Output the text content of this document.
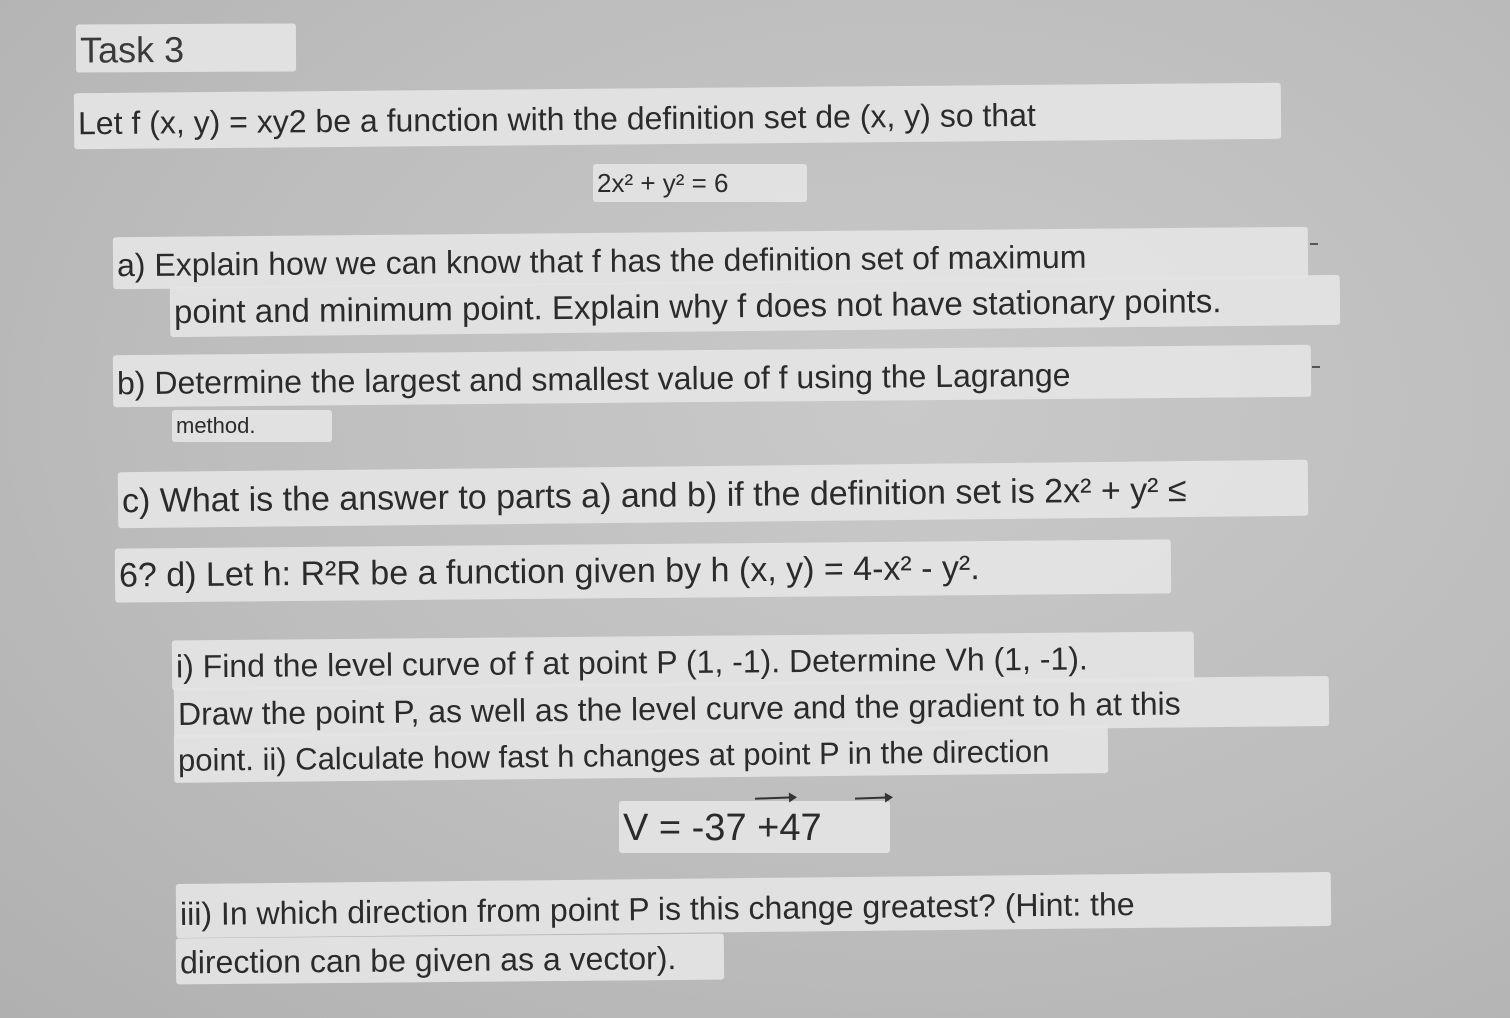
Task 3
Let f (x, y) = xy2 be a function with the definition set de (x, y) so that
2x² + y² = 6
a) Explain how we can know that f has the definition set of maximum
point and minimum point. Explain why f does not have stationary points.
b) Determine the largest and smallest value of f using the Lagrange
method.
c) What is the answer to parts a) and b) if the definition set is 2x² + y² ≤
6? d) Let h: R²R be a function given by h (x, y) = 4-x² - y².
i) Find the level curve of f at point P (1, -1). Determine Vh (1, -1).
Draw the point P, as well as the level curve and the gradient to h at this
point. ii) Calculate how fast h changes at point P in the direction
V = -37 +47
iii) In which direction from point P is this change greatest? (Hint: the
direction can be given as a vector).
